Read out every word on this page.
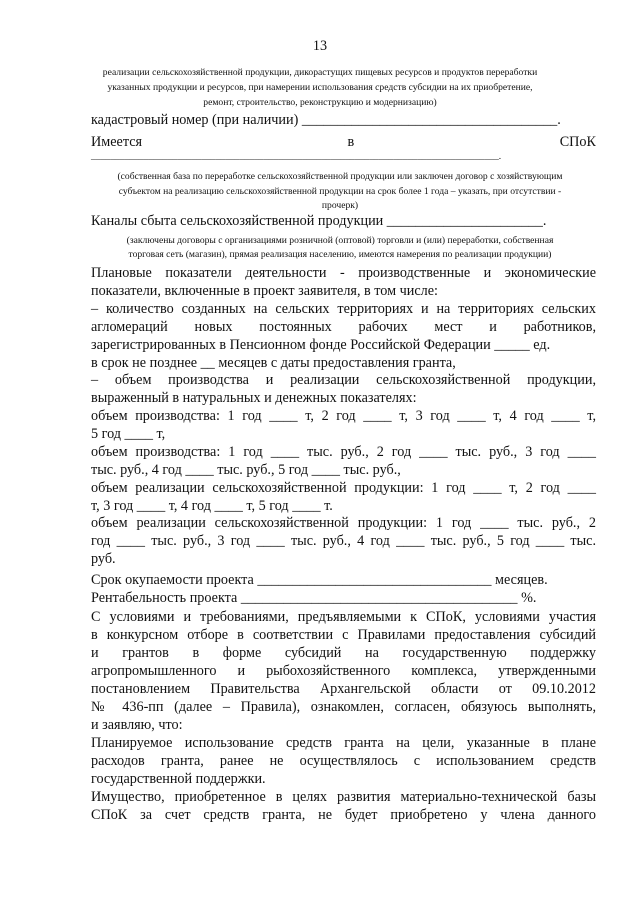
13
реализации сельскохозяйственной продукции, дикорастущих пищевых ресурсов и продуктов переработки
указанных продукции и ресурсов, при намерении использования средств субсидии на их приобретение,
ремонт, строительство, реконструкцию и модернизацию)
кадастровый номер (при наличии) ____________________________________.
Имеется	в	СПоК
_____________________________________________________________________________________.
(собственная база по переработке сельскохозяйственной продукции или заключен договор с хозяйствующим
субъектом на реализацию сельскохозяйственной продукции на срок более 1 года – указать, при отсутствии -
прочерк)
Каналы сбыта сельскохозяйственной продукции ______________________.
(заключены договоры с организациями розничной (оптовой) торговли и (или) переработки, собственная
торговая сеть (магазин), прямая реализация населению, имеются намерения по реализации продукции)
Плановые показатели деятельности - производственные и экономические
показатели, включенные в проект заявителя, в том числе:
– количество созданных на сельских территориях и на территориях сельских
агломераций новых постоянных рабочих мест и работников,
зарегистрированных в Пенсионном фонде Российской Федерации _____ ед.
в срок не позднее __ месяцев с даты предоставления гранта,
– объем производства и реализации сельскохозяйственной продукции,
выраженный в натуральных и денежных показателях:
объем производства: 1 год ____ т, 2 год ____ т, 3 год ____ т, 4 год ____ т,
5 год ____ т,
объем производства: 1 год ____ тыс. руб., 2 год ____ тыс. руб., 3 год ____
тыс. руб., 4 год ____ тыс. руб., 5 год ____ тыс. руб.,
объем реализации сельскохозяйственной продукции: 1 год ____ т, 2 год ____
т, 3 год ____ т, 4 год ____ т, 5 год ____ т.
объем реализации сельскохозяйственной продукции: 1 год ____ тыс. руб., 2
год ____ тыс. руб., 3 год ____ тыс. руб., 4 год ____ тыс. руб., 5 год ____ тыс.
руб.
Срок окупаемости проекта _________________________________ месяцев.
Рентабельность проекта _______________________________________ %.
С условиями и требованиями, предъявляемыми к СПоК, условиями участия
в конкурсном отборе в соответствии с Правилами предоставления субсидий
и грантов в форме субсидий на государственную поддержку
агропромышленного и рыбохозяйственного комплекса, утвержденными
постановлением Правительства Архангельской области от 09.10.2012
№ 436-пп (далее – Правила), ознакомлен, согласен, обязуюсь выполнять,
и заявляю, что:
Планируемое использование средств гранта на цели, указанные в плане
расходов гранта, ранее не осуществлялось с использованием средств
государственной поддержки.
Имущество, приобретенное в целях развития материально-технической базы
СПоК за счет средств гранта, не будет приобретено у члена данного
